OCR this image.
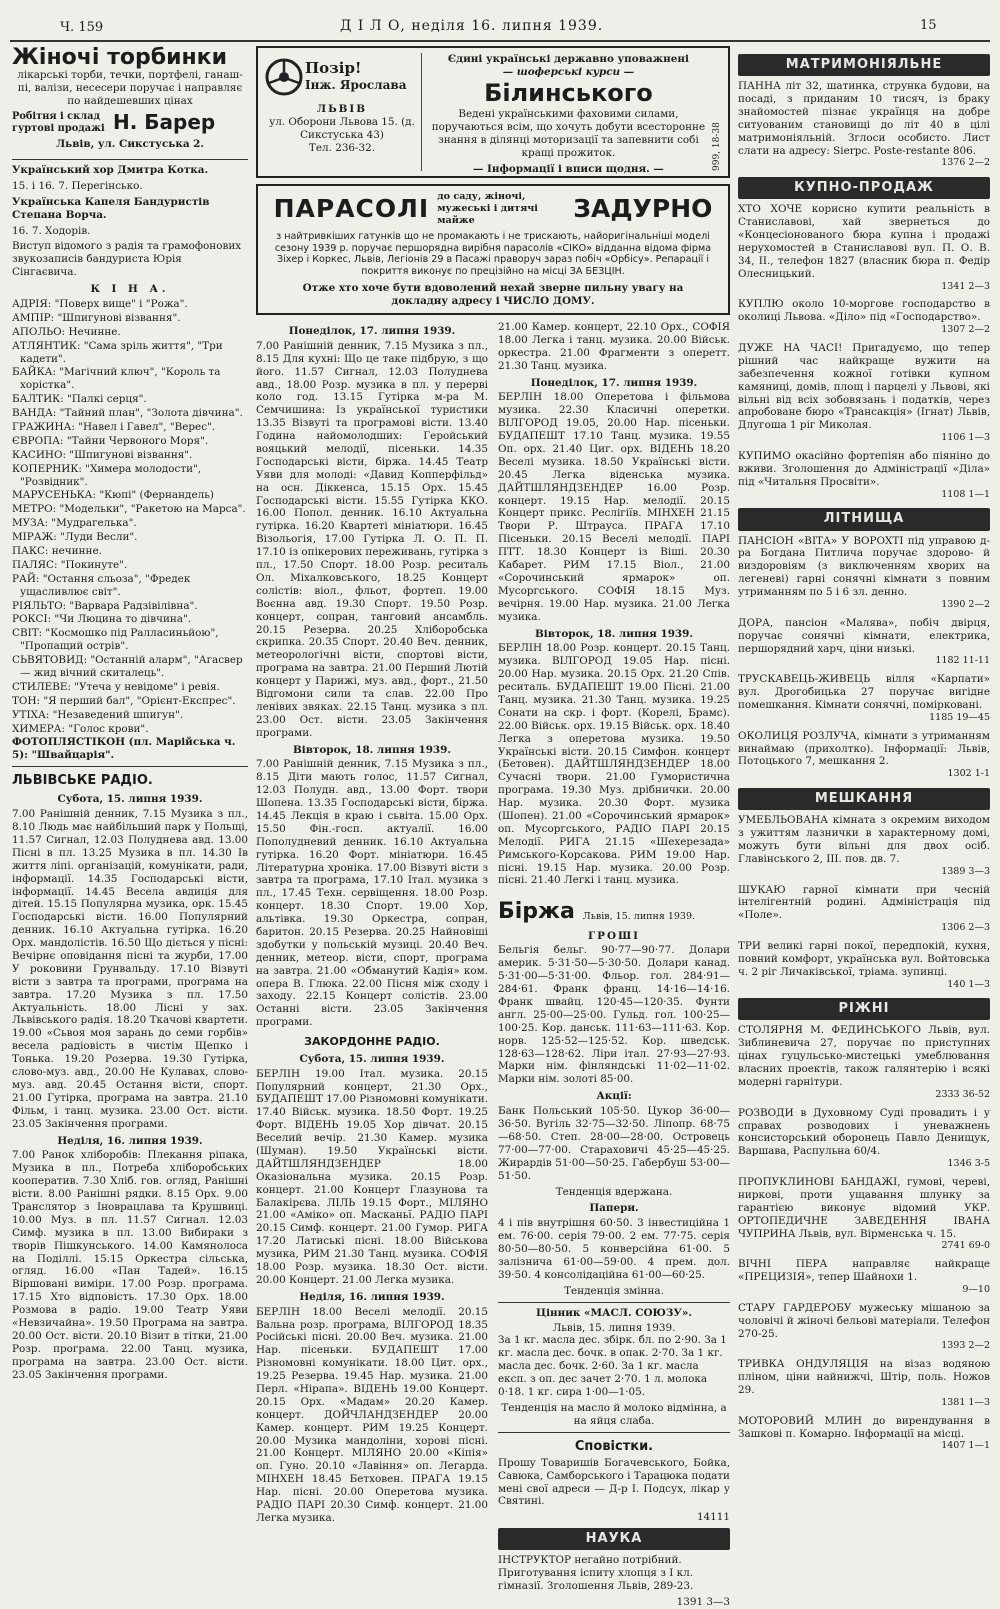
Ч. 159	Д І Л О, неділя 16. липня 1939.	15
Жіночі торбинки
лікарські торби, течки, портфелі, ганаш-пі, валізи, несесери поручає і направляє по найдешевших цінах
Робітня і склад гуртові продажі Н. Барер
Львів, ул. Сикстуська 2.
Український хор Дмитра Котка.
15. і 16. 7. Перегінсько.
Українська Капеля Бандуристів Степана Ворча.
16. 7. Ходорів.
Виступ відомого з радія та грамофонових звукозаписів бандуриста Юрія Сінгаєвича.
К І Н А.
АДРІЯ: "Поверх вище" і "Рожа".
АМПІР: "Шпигунові візвання".
АПОЛЬО: Нечинне.
АТЛЯНТИК: "Сама зріль життя", "Три кадети".
БАЙКА: "Магічний ключ", "Король та хорістка".
БАЛТИК: "Палкі серця".
ВАНДА: "Тайний план", "Золота дівчина".
ГРАЖИНА: "Навел і Гавел", "Верес".
ЄВРОПА: "Тайни Червоного Моря".
КАСИНО: "Шпигунові візвання".
КОПЕРНИК: "Химера молодости", "Розвідник".
МАРУСЕНЬКА: "Кюпі" (Фернандель)
МЕТРО: "Модельки", "Ракетою на Марса".
МУЗА: "Мудрагелька".
МІРАЖ: "Луди Весли".
ПАКС: нечинне.
ПАЛЯС: "Покинуте".
РАЙ: "Остання сльоза", "Фредек ущасливлює світ".
РІЯЛЬТО: "Варвара Радзівілівна".
РОКСІ: "Чи Люцина то дівчина".
СВІТ: "Космошко під Ралласиньйою", "Пропащий острів".
СЬВЯТОВИД: "Останній аларм", "Агасвер — жид вічний скиталець".
СТИЛЕВЕ: "Утеча у невідоме" і ревія.
ТОН: "Я перший бал", "Орієнт-Експрес".
УТІХА: "Незаведений шпигун".
ХИМЕРА: "Голос крови".
ФОТОПЛЯСТІКОН (пл. Марійська ч. 5): "Швайцарія".
ЛЬВІВСЬКЕ РАДІО.
Субота, 15. липня 1939.
7.00 Ранішній денник, 7.15 Музика з пл., 8.10 Людь має найбільший парк у Польщі, 11.57 Сигнал, 12.03 Полуднева авд. 13.00 Пісні в пл. 13.25 Музика в пл. 14.30 Ів життя ліпі. організацій, комунікати, ради, інформації. 14.35 Господарські вісти, інформації. 14.45 Весела авдиція для дітей. 15.15 Популярна музика, орк. 15.45 Господарські вісти. 16.00 Популярний денник. 16.10 Актуальна гутірка. 16.20 Орх. мандолістів. 16.50 Що діється у пісні: Вечірнє оповідання пісні та журби, 17.00 У роковини Грунвальду. 17.10 Візвуті вісти з завтра та програми, програма на завтра. 17.20 Музика з пл. 17.50 Актуальність. 18.00 Лісні у зах. Львівського радія. 18.20 Ткачові квартети. 19.00 «Сьвоя моя зарань до семи горбів» весела радіовість в чистім Щепко і Тонька. 19.20 Розерва. 19.30 Гутірка, слово-муз. авд., 20.00 Не Кулавах, слово-муз. авд. 20.45 Остання вісти, спорт. 21.00 Гутірка, програма на завтра. 21.10 Фільм, і танц. музика. 23.00 Ост. вісти. 23.05 Закінчення програми.
Неділя, 16. липня 1939.
7.00 Ранок хліборобів: Плекання ріпака, Музика в пл., Потреба хліборобських кооператив. 7.30 Хліб. гов. огляд, Ранішні вісти. 8.00 Ранішні рядки. 8.15 Орх. 9.00 Транслятор з Іноврацлава та Крушвиці. 10.00 Муз. в пл. 11.57 Сигнал. 12.03 Симф. музика в пл. 13.00 Вибираки з творів Пішкунського. 14.00 Камянолоса на Поділлі. 15.15 Оркестра сільська, огляд. 16.00 «Пан Тадей». 16.15 Віршовані виміри. 17.00 Розр. програма. 17.15 Хто відповість. 17.30 Орх. 18.00 Розмова в радіо. 19.00 Театр Уяви «Невзичайна». 19.50 Програма на завтра. 20.00 Ост. вісти. 20.10 Візит в тітки, 21.00 Розр. програма. 22.00 Танц. музика, програма на завтра. 23.00 Ост. вісти. 23.05 Закінчення програми.
Позір!
Інж. Ярослава
ЛЬВІВ
ул. Оборони Львова 15. (д. Сикстуська 43)
Тел. 236-32.
Єдині українські державно уповажнені
— шоферські курси —
Білинського
Ведені українськими фаховими силами, поручаються всім, що хочуть добути всесторонне знання в ділянці моторизації та запевнити собі кращі прожиток.
— Інформації і вписи щодня. —	999, 18-38
ПАРАСОЛІ до саду, жіночі, мужеські і дитячі майже	ЗАДУРНО
з найтривкіших гатунків що не промакають і не трискають, найоригінальніші моделі сезону 1939 р. поручає першорядна вирібня парасолів «СІКО» відданна відома фірма Зіхер і Коркес, Львів, Легіонів 29 в Пасажі праворуч зараз побіч «Орбісу». Репарації і покриття виконує по прецізійно на місці ЗА БЕЗЦІН.
Отже хто хоче бути вдоволений нехай зверне пильну увагу на докладну адресу і ЧИСЛО ДОМУ.
Понеділок, 17. липня 1939.
7.00 Ранішній денник, 7.15 Музика з пл., 8.15 Для кухні: Що це таке пiдбрую, з що його. 11.57 Сигнал, 12.03 Полуднева авд., 18.00 Розр. музика в пл. у перерві коло год. 13.15 Гутірка м-ра М. Семчишина: Із української туристики 13.35 Візвуті та програмові вісти. 13.40 Година найомолодших: Геройський вояцький мелодії, пісеньки. 14.35 Господарські вісти, біржа. 14.45 Театр Уяви для молоді: «Давид Копперфільд» на осн. Діккенса, 15.15 Орх. 15.45 Господарські вісти. 15.55 Гутірка ККО. 16.00 Попол. денник. 16.10 Актуальна гутірка. 16.20 Квартеті мініатюри. 16.45 Візольогія, 17.00 Гутірка Л. О. П. П. 17.10 із опікерових переживань, гутірка з пл., 17.50 Спорт. 18.00 Розр. реситаль Ол. Міхалковського, 18.25 Концерт солістів: віол., фльот, фортеп. 19.00 Воєнна авд. 19.30 Спорт. 19.50 Розр. концерт, сопран, танговий ансамбль. 20.15 Резерва. 20.25 Хліборобська скрипка. 20.35 Спорт. 20.40 Веч. денник, метеорологічні вісти, спортові вісти, програма на завтра. 21.00 Перший Лютій концерт у Парижі, муз. авд., форт., 21.50 Відгомони сили та слав. 22.00 Про ленівих звяках. 22.15 Танц. музика з пл. 23.00 Ост. вісти. 23.05 Закінчення програми.
Вівторок, 18. липня 1939.
7.00 Ранішній денник, 7.15 Музика з пл., 8.15 Діти мають голос, 11.57 Сигнал, 12.03 Полудн. авд., 13.00 Форт. твори Шопена. 13.35 Господарські вісти, біржа. 14.45 Лекція в краю і сьвіта. 15.00 Орх. 15.50 Фін.-госп. актуалії. 16.00 Пополудневий денник. 16.10 Актуальна гутірка. 16.20 Форт. мініатюри. 16.45 Літературна хроніка. 17.00 Візвуті вісти з завтра та програма, 17.10 Італ. музика з пл., 17.45 Техн. сервіщення. 18.00 Розр. концерт. 18.30 Спорт. 19.00 Хор, альтівка. 19.30 Оркестра, сопран, баритон. 20.15 Резерва. 20.25 Найновіші здобутки у польській музиці. 20.40 Веч. денник, метеор. вісти, спорт, програма на завтра. 21.00 «Обманутий Кадія» ком. опера В. Глюка. 22.00 Пісня між сходу і заходу. 22.15 Концерт солістів. 23.00 Останні вісти. 23.05 Закінчення програми.
ЗАКОРДОННЕ РАДІО.
Субота, 15. липня 1939.
БЕРЛІН 19.00 Італ. музика. 20.15 Популярний концерт, 21.30 Орх., БУДАПЕШТ 17.00 Різномовні комунікати. 17.40 Військ. музика. 18.50 Форт. 19.25 Форт. ВІДЕНЬ 19.05 Хор дівчат. 20.15 Веселий вечір. 21.30 Камер. музика (Шуман). 19.50 Українські вісти. ДАЙТШЛЯНДЗЕНДЕР 18.00 Оказіональна музика. 20.15 Розр. концерт. 21.00 Концерт Глазунова та Балакірєва. ЛІЛЬ 19.15 Форт., МІЛЯНО 21.00 «Аміко» оп. Масканьї. РАДІО ПАРІ 20.15 Симф. концерт. 21.00 Гумор. РИГА 17.20 Латиські пісні. 18.00 Військова музика, РИМ 21.30 Танц. музика. СОФІЯ 18.00 Розр. музика. 18.30 Ост. вісти. 20.00 Концерт. 21.00 Легка музика.
Неділя, 16. липня 1939.
БЕРЛІН 18.00 Веселі мелодії. 20.15 Вальна розр. програма, ВІЛГОРОД 18.35 Російські пісні. 20.00 Веч. музика. 21.00 Нар. пісеньки. БУДАПЕШТ 17.00 Різномовні комунікати. 18.00 Цит. орх., 19.25 Резерва. 19.45 Нар. музика. 21.00 Перл. «Нірапа». ВІДЕНЬ 19.00 Концерт. 20.15 Орх. «Мадам» 20.20 Камер. концерт. ДОЙЧЛАНДЗЕНДЕР 20.00 Камер. концерт. РИМ 19.25 Концерт. 20.00 Музика мандоліни, хорові пісні. 21.00 Концерт. МІЛЯНО 20.00 «Кіпія» оп. Гуно. 20.10 «Лавіння» оп. Легарда. МІНХЕН 18.45 Бетховен. ПРАГА 19.15 Нар. пісні. 20.00 Оперетова музика. РАДІО ПАРІ 20.30 Симф. концерт. 21.00 Легка музика.
21.00 Камер. концерт, 22.10 Орх., СОФІЯ 18.00 Легка і танц. музика. 20.00 Військ. оркестра. 21.00 Фрагменти з оперетт. 21.30 Танц. музика.
Понеділок, 17. липня 1939.
БЕРЛІН 18.00 Оперетова і фільмова музика. 22.30 Класичні оперетки. ВІЛГОРОД 19.05, 20.00 Нар. пісеньки. БУДАПЕШТ 17.10 Танц. музика. 19.55 Оп. орх. 21.40 Циг. орх. ВІДЕНЬ 18.20 Веселі музика. 18.50 Українські вісти. 20.45 Легка віденська музика. ДАЙТШЛЯНДЗЕНДЕР 16.00 Розр. концерт. 19.15 Нар. мелодії. 20.15 Концерт прикс. Реслігіїв. МІНХЕН 21.15 Твори Р. Штрауса. ПРАГА 17.10 Пісеньки. 20.15 Веселі мелодії. ПАРІ ПТТ. 18.30 Концерт із Віші. 20.30 Кабарет. РИМ 17.15 Віол., 21.00 «Сорочинський ярмарок» оп. Мусоргського. СОФІЯ 18.15 Муз. вечірня. 19.00 Нар. музика. 21.00 Легка музика.
Вівторок, 18. липня 1939.
БЕРЛІН 18.00 Розр. концерт. 20.15 Танц. музика. ВІЛГОРОД 19.05 Нар. пісні. 20.00 Нар. музика. 20.15 Орх. 21.20 Спів. реситаль. БУДАПЕШТ 19.00 Пісні. 21.00 Танц. музика. 21.30 Танц. музика. 19.25 Сонати на скр. і форт. (Корелі, Брамс). 22.00 Військ. орх. 19.15 Військ. орх. 18.40 Легка з оперетова музика. 19.50 Українські вісти. 20.15 Симфон. концерт (Бетовен). ДАЙТШЛЯНДЗЕНДЕР 18.00 Сучасні твори. 21.00 Гумористична програма. 19.30 Муз. дрібнички. 20.00 Нар. музика. 20.30 Форт. музика (Шопен). 21.00 «Сорочинський ярмарок» оп. Мусоргського, РАДІО ПАРІ 20.15 Мелодії. РИГА 21.15 «Шехерезада» Римського-Корсакова. РИМ 19.00 Нар. пісні. 19.15 Нар. музика. 20.00 Розр. пісні. 21.40 Легкі і танц. музика.
Біржа Львів, 15. липня 1939.
ГРОШІ
Бельгія бельг. 90·77—90·77. Долари америк. 5·31·50—5·30·50. Долари канад. 5·31·00—5·31·00. Фльор. гол. 284·91—284·61. Франк франц. 14·16—14·16. Франк швайц. 120·45—120·35. Фунти англ. 25·00—25·00. Гульд. гол. 100·25—100·25. Кор. данськ. 111·63—111·63. Кор. норв. 125·52—125·52. Кор. шведськ. 128·63—128·62. Ліри італ. 27·93—27·93. Марки нім. фінляндські 11·02—11·02. Марки нім. золоті 85·00.
Акції:
Банк Польський 105·50. Цукор 36·00—36·50. Вугіль 32·75—32·50. Ліпопр. 68·75—68·50. Степ. 28·00—28·00. Островець 77·00—77·00. Стараховичі 45·25—45·25. Жирардів 51·00—50·25. Габербуш 53·00—51·50.
Тенденція вдержана.
Папери.
4 і пів внутрішня 60·50. 3 інвестиційна 1 ем. 76·00. серія 79·00. 2 ем. 77·75. серія 80·50—80·50. 5 конверсійна 61·00. 5 залізнича 61·00—59·00. 4 прем. дол. 39·50. 4 консолідаційна 61·00—60·25.
Тенденція змінна.
Цінник «МАСЛ. СОЮЗУ».
Львів, 15. липня 1939.
За 1 кг. масла дес. збірк. бл. по 2·90. За 1 кг. масла дес. бочк. в опак. 2·70. За 1 кг. масла дес. бочк. 2·60. За 1 кг. масла експ. з оп. дес зачет 2·70. 1 л. молока 0·18. 1 кг. сира 1·00—1·05.
Тенденція на масло й молоко відмінна, а на яйця слаба.
Сповістки.
Прошу Товаришів Богачевського, Бойка, Савюка, Самборського і Тарацюка подати мені свої адреси — Д-р І. Подсух, лікар у Святині.
14111
НАУКА
ІНСТРУКТОР негайно потрібний. Приготування іспиту хлопця з I кл. гімназії. Зголошення Львів, 289-23.
1391 3—3
МАТРИМОНІЯЛЬНЕ
ПАННА літ 32, шатинка, струнка будови, на посаді, з приданим 10 тисяч, із браку знайомостей пізнає українця на добре ситуованим становищі до літ 40 в цілі матримоніяльній. Зглоси особисто. Лист слати на адресу: Sierpc. Poste-restante 806.
1376 2—2
КУПНО-ПРОДАЖ
ХТО ХОЧЕ корисно купити реальність в Станиславові, хай звернеться до «Концесіонованого бюра купна і продажі нерухомостей в Станиславові вул. П. О. В. 34, II., телефон 1827 (власник бюра п. Федір Олесницький.
1341 2—3
КУПЛЮ около 10-моргове господарство в околиці Львова. «Діло» під «Господарство».
1307 2—2
ДУЖЕ НА ЧАСІ! Пригадуємо, що тепер рішний час найкраще вужити на забезпечення кожної готівки купном камяниці, домів, площ і парцелі у Львові, які вільні від всіх зобовязань і податків, через апробоване бюро «Трансакція» (Ігнат) Львів, Длугоша 1 ріг Миколая.
1106 1—3
КУПИМО окасійно фортепіян або піяніно до вживи. Зголошення до Адміністрації «Діла» під «Читальня Просвіти».
1108 1—1
ЛІТНИЩА
ПАНСІОН «ВІТА» У ВОРОХТІ під управою д-ра Богдана Питлича поручає здорово- й виздоровіям (з виключенням хворих на легеневі) гарні сонячні кімнати з повним утриманням по 5 і 6 зл. денно.
1390 2—2
ДОРА, пансіон «Малява», побіч двірця, поручає сонячні кімнати, електрика, першорядний харч, ціни низькі.
1182 11-11
ТРУСКАВЕЦЬ-ЖИВЕЦЬ вілля «Карпати» вул. Дрогобицька 27 поручає вигідне помешкання. Кімнати сонячні, помірковані.
1185 19—45
ОКОЛИЦЯ РОЗЛУЧА, кімнати з утриманням винаймаю (прихолтко). Інформації: Львів, Потоцького 7, мешкання 2.
1302 1-1
МЕШКАННЯ
УМЕБЛЬОВАНА кімната з окремим виходом з ужиттям лазнички в характерному домі, можуть бути вільні для двох осіб. Главінського 2, III. пов. дв. 7.
1389 3—3
ШУКАЮ гарної кімнати при чесній інтелігентній родині. Адміністрація під «Поле».
1306 2—3
ТРИ великі гарні покої, передпокій, кухня, повний комфорт, українська вул. Войтовська ч. 2 ріг Личаківської, тріама. зупинці.
140 1—3
РІЖНІ
СТОЛЯРНЯ М. ФЕДИНСЬКОГО Львів, вул. Зиблиневича 27, поручає по приступних цінах гуцульсько-мистецькі умеблювання власних проектів, також галянтерію і всякі модерні гарнітури.
2333 36-52
РОЗВОДИ в Духовному Суді провадить і у справах розводових і уневажнень консисторський оборонець Павло Денищук, Варшава, Распульна 60/4.
1346 3-5
ПРОПУКЛИНОВІ БАНДАЖІ, гумові, череві, ниркові, проти ущавання шлунку за гарантією виконує відомий УКР. ОРТОПЕДИЧНЕ ЗАВЕДЕННЯ ІВАНА ЧУПРИНА Львів, вул. Вірменська ч. 15.
2741 69-0
ВІЧНІ ПЕРА направляє найкраще «ПРЕЦИЗІЯ», тепер Шайнохи 1.
9—10
СТАРУ ГАРДЕРОБУ мужеську мішаною за чоловічі й жіночі бельові матеріали. Телефон 270-25.
1393 2—2
ТРИВКА ОНДУЛЯЦІЯ на візаз водяною пліном, ціни найнижчі, Штір, поль. Ножов 29.
1381 1—3
МОТОРОВИЙ МЛИН до вирендування в Зашкові п. Комарно. Інформації на місці.
1407 1—1
